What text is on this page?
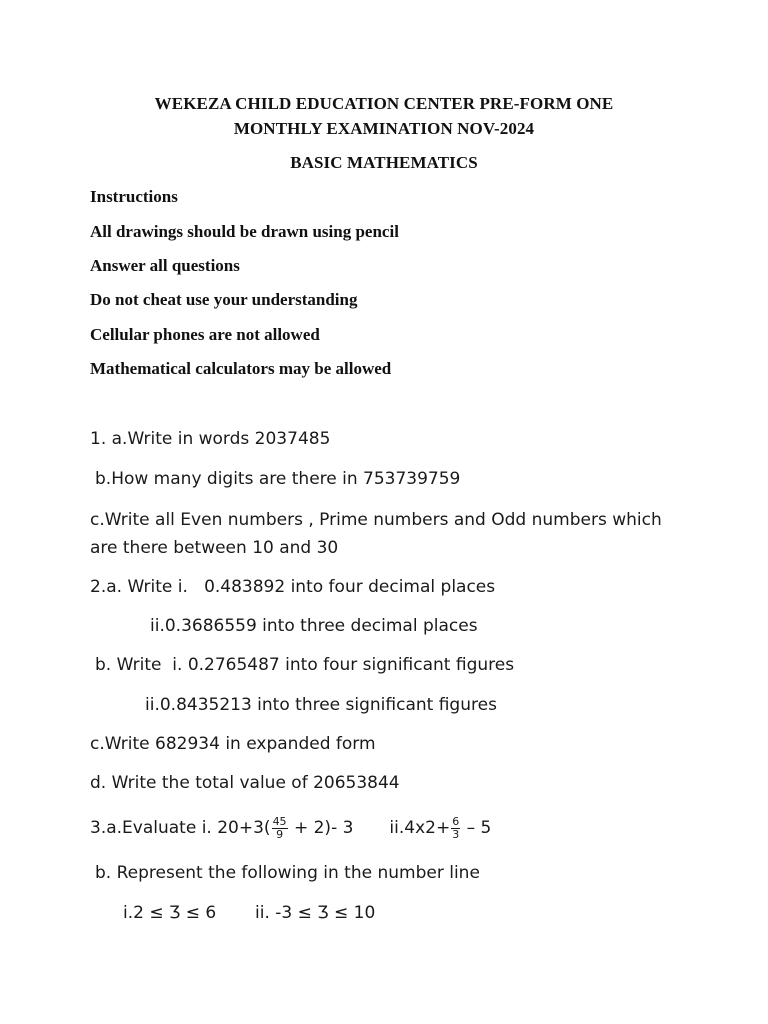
WEKEZA CHILD EDUCATION CENTER PRE-FORM ONE
MONTHLY EXAMINATION NOV-2024
BASIC MATHEMATICS
Instructions
All drawings should be drawn using pencil
Answer all questions
Do not cheat use your understanding
Cellular phones are not allowed
Mathematical calculators may be allowed
1. a.Write in words 2037485
b.How many digits are there in 753739759
c.Write all Even numbers , Prime numbers and Odd numbers which
are there between 10 and 30
2.a. Write i.   0.483892 into four decimal places
ii.0.3686559 into three decimal places
b. Write  i. 0.2765487 into four significant figures
ii.0.8435213 into three significant figures
c.Write 682934 in expanded form
d. Write the total value of 20653844
3.a.Evaluate i. $20+3( \frac{45}{9} + 2)-$ 3 $ii.4x2+ \frac{6}{3} - 5$
b. Represent the following in the number line
i.2 ≤ Ʒ ≤ 6 ii. -3 ≤ Ʒ ≤ 10
